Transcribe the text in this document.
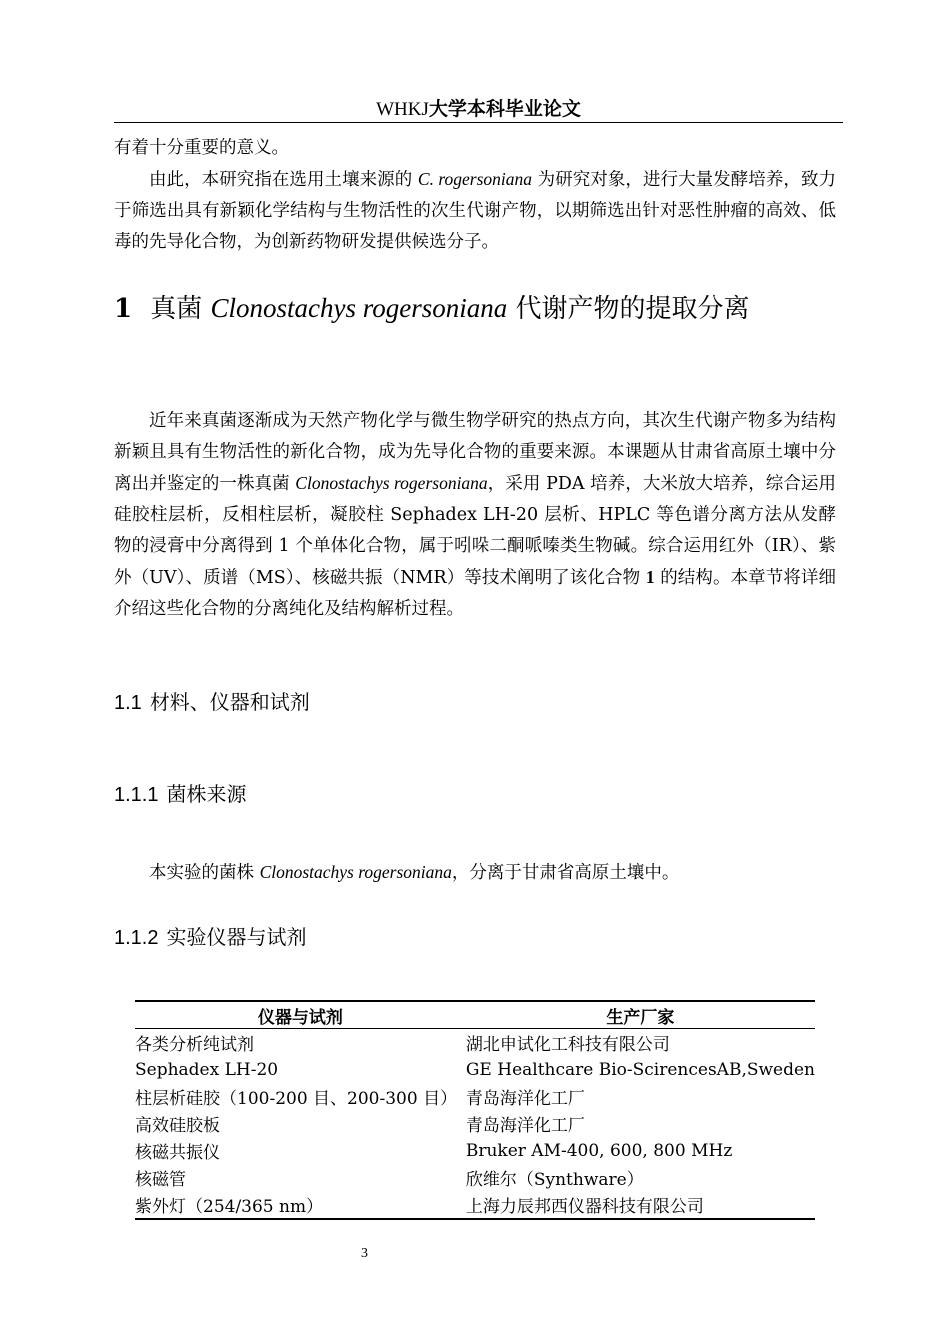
WHKJ大学本科毕业论文

有着十分重要的意义。

由此，本研究指在选用土壤来源的 C. rogersoniana 为研究对象，进行大量发酵培养，致力于筛选出具有新颖化学结构与生物活性的次生代谢产物，以期筛选出针对恶性肿瘤的高效、低毒的先导化合物，为创新药物研发提供候选分子。

1 真菌 Clonostachys rogersoniana 代谢产物的提取分离

近年来真菌逐渐成为天然产物化学与微生物学研究的热点方向，其次生代谢产物多为结构新颖且具有生物活性的新化合物，成为先导化合物的重要来源。本课题从甘肃省高原土壤中分离出并鉴定的一株真菌 Clonostachys rogersoniana，采用 PDA 培养，大米放大培养，综合运用硅胶柱层析，反相柱层析，凝胶柱 Sephadex LH-20 层析、HPLC 等色谱分离方法从发酵物的浸膏中分离得到 1 个单体化合物，属于吲哚二酮哌嗪类生物碱。综合运用红外（IR）、紫外（UV）、质谱（MS）、核磁共振（NMR）等技术阐明了该化合物 1 的结构。本章节将详细介绍这些化合物的分离纯化及结构解析过程。

1.1 材料、仪器和试剂
1.1.1 菌株来源

本实验的菌株 Clonostachys rogersoniana，分离于甘肃省高原土壤中。

1.1.2 实验仪器与试剂
仪器与试剂	生产厂家
各类分析纯试剂	湖北申试化工科技有限公司
Sephadex LH-20	GE Healthcare Bio-ScirencesAB,Sweden
柱层析硅胶（100-200 目、200-300 目）	青岛海洋化工厂
高效硅胶板	青岛海洋化工厂
核磁共振仪	Bruker AM-400, 600, 800 MHz
核磁管	欣维尔（Synthware）
紫外灯（254/365 nm）	上海力辰邦西仪器科技有限公司
3
